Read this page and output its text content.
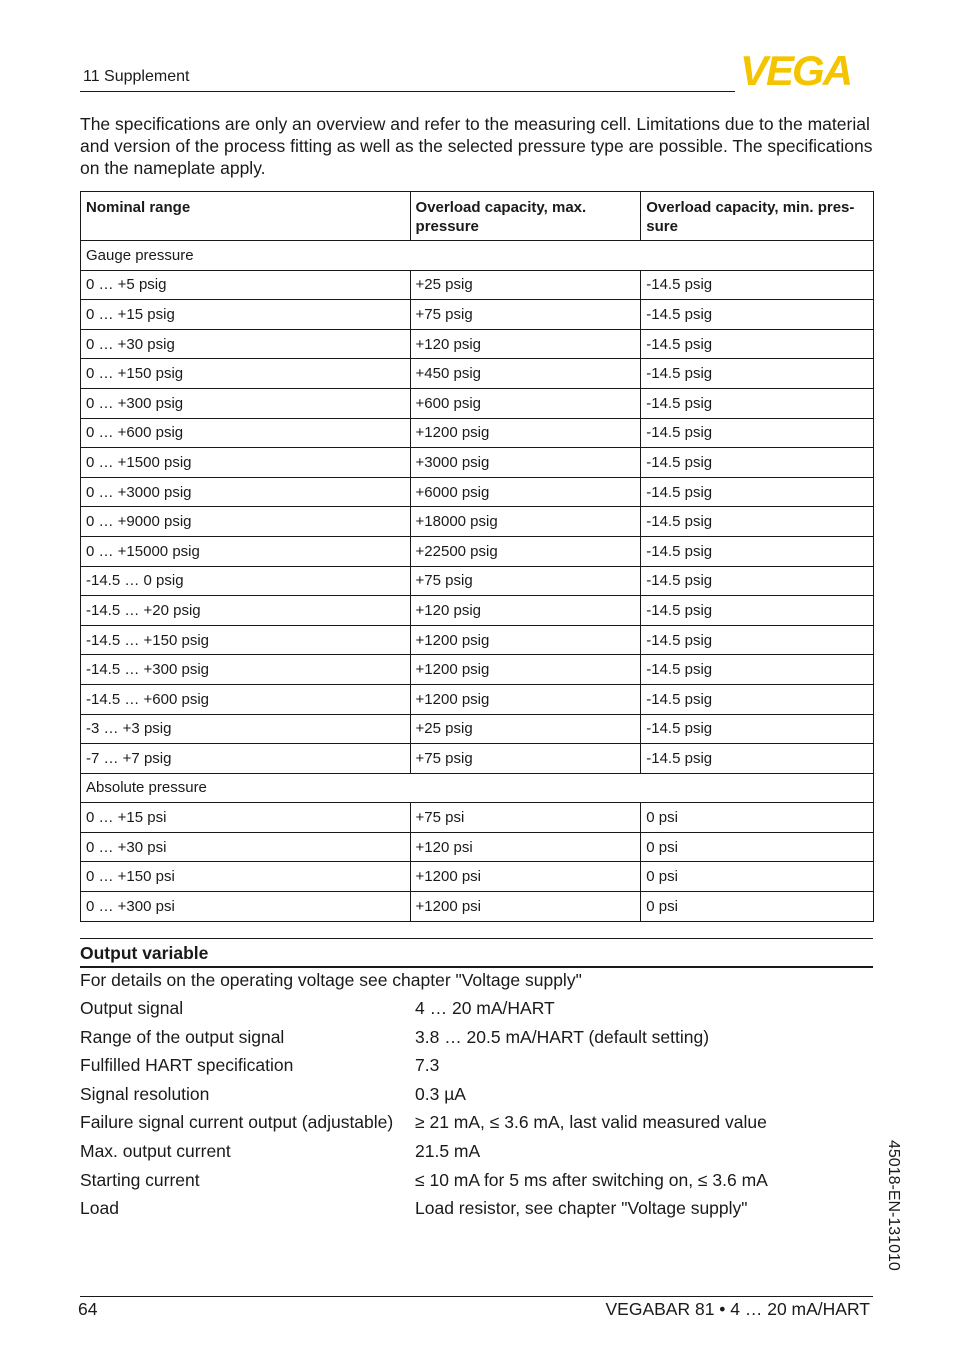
11 Supplement	VEGA
The specifications are only an overview and refer to the measuring cell. Limitations due to the material and version of the process fitting as well as the selected pressure type are possible. The specifications on the nameplate apply.
Nominal range	Overload capacity, max. pressure	Overload capacity, min. pres-sure
Gauge pressure		
0 … +5 psig	+25 psig	-14.5 psig
0 … +15 psig	+75 psig	-14.5 psig
0 … +30 psig	+120 psig	-14.5 psig
0 … +150 psig	+450 psig	-14.5 psig
0 … +300 psig	+600 psig	-14.5 psig
0 … +600 psig	+1200 psig	-14.5 psig
0 … +1500 psig	+3000 psig	-14.5 psig
0 … +3000 psig	+6000 psig	-14.5 psig
0 … +9000 psig	+18000 psig	-14.5 psig
0 … +15000 psig	+22500 psig	-14.5 psig
-14.5 … 0 psig	+75 psig	-14.5 psig
-14.5 … +20 psig	+120 psig	-14.5 psig
-14.5 … +150 psig	+1200 psig	-14.5 psig
-14.5 … +300 psig	+1200 psig	-14.5 psig
-14.5 … +600 psig	+1200 psig	-14.5 psig
-3 … +3 psig	+25 psig	-14.5 psig
-7 … +7 psig	+75 psig	-14.5 psig
Absolute pressure		
0 … +15 psi	+75 psi	0 psi
0 … +30 psi	+120 psi	0 psi
0 … +150 psi	+1200 psi	0 psi
0 … +300 psi	+1200 psi	0 psi
Output variable
For details on the operating voltage see chapter "Voltage supply"
Output signal	4 … 20 mA/HART
Range of the output signal	3.8 … 20.5 mA/HART (default setting)
Fulfilled HART specification	7.3
Signal resolution	0.3 µA
Failure signal current output (adjustable) ≥ 21 mA, ≤ 3.6 mA, last valid measured value
Max. output current	21.5 mA
Starting current	≤ 10 mA for 5 ms after switching on, ≤ 3.6 mA
Load	Load resistor, see chapter "Voltage supply"	45018-EN-131010
64	VEGABAR 81 • 4 … 20 mA/HART
